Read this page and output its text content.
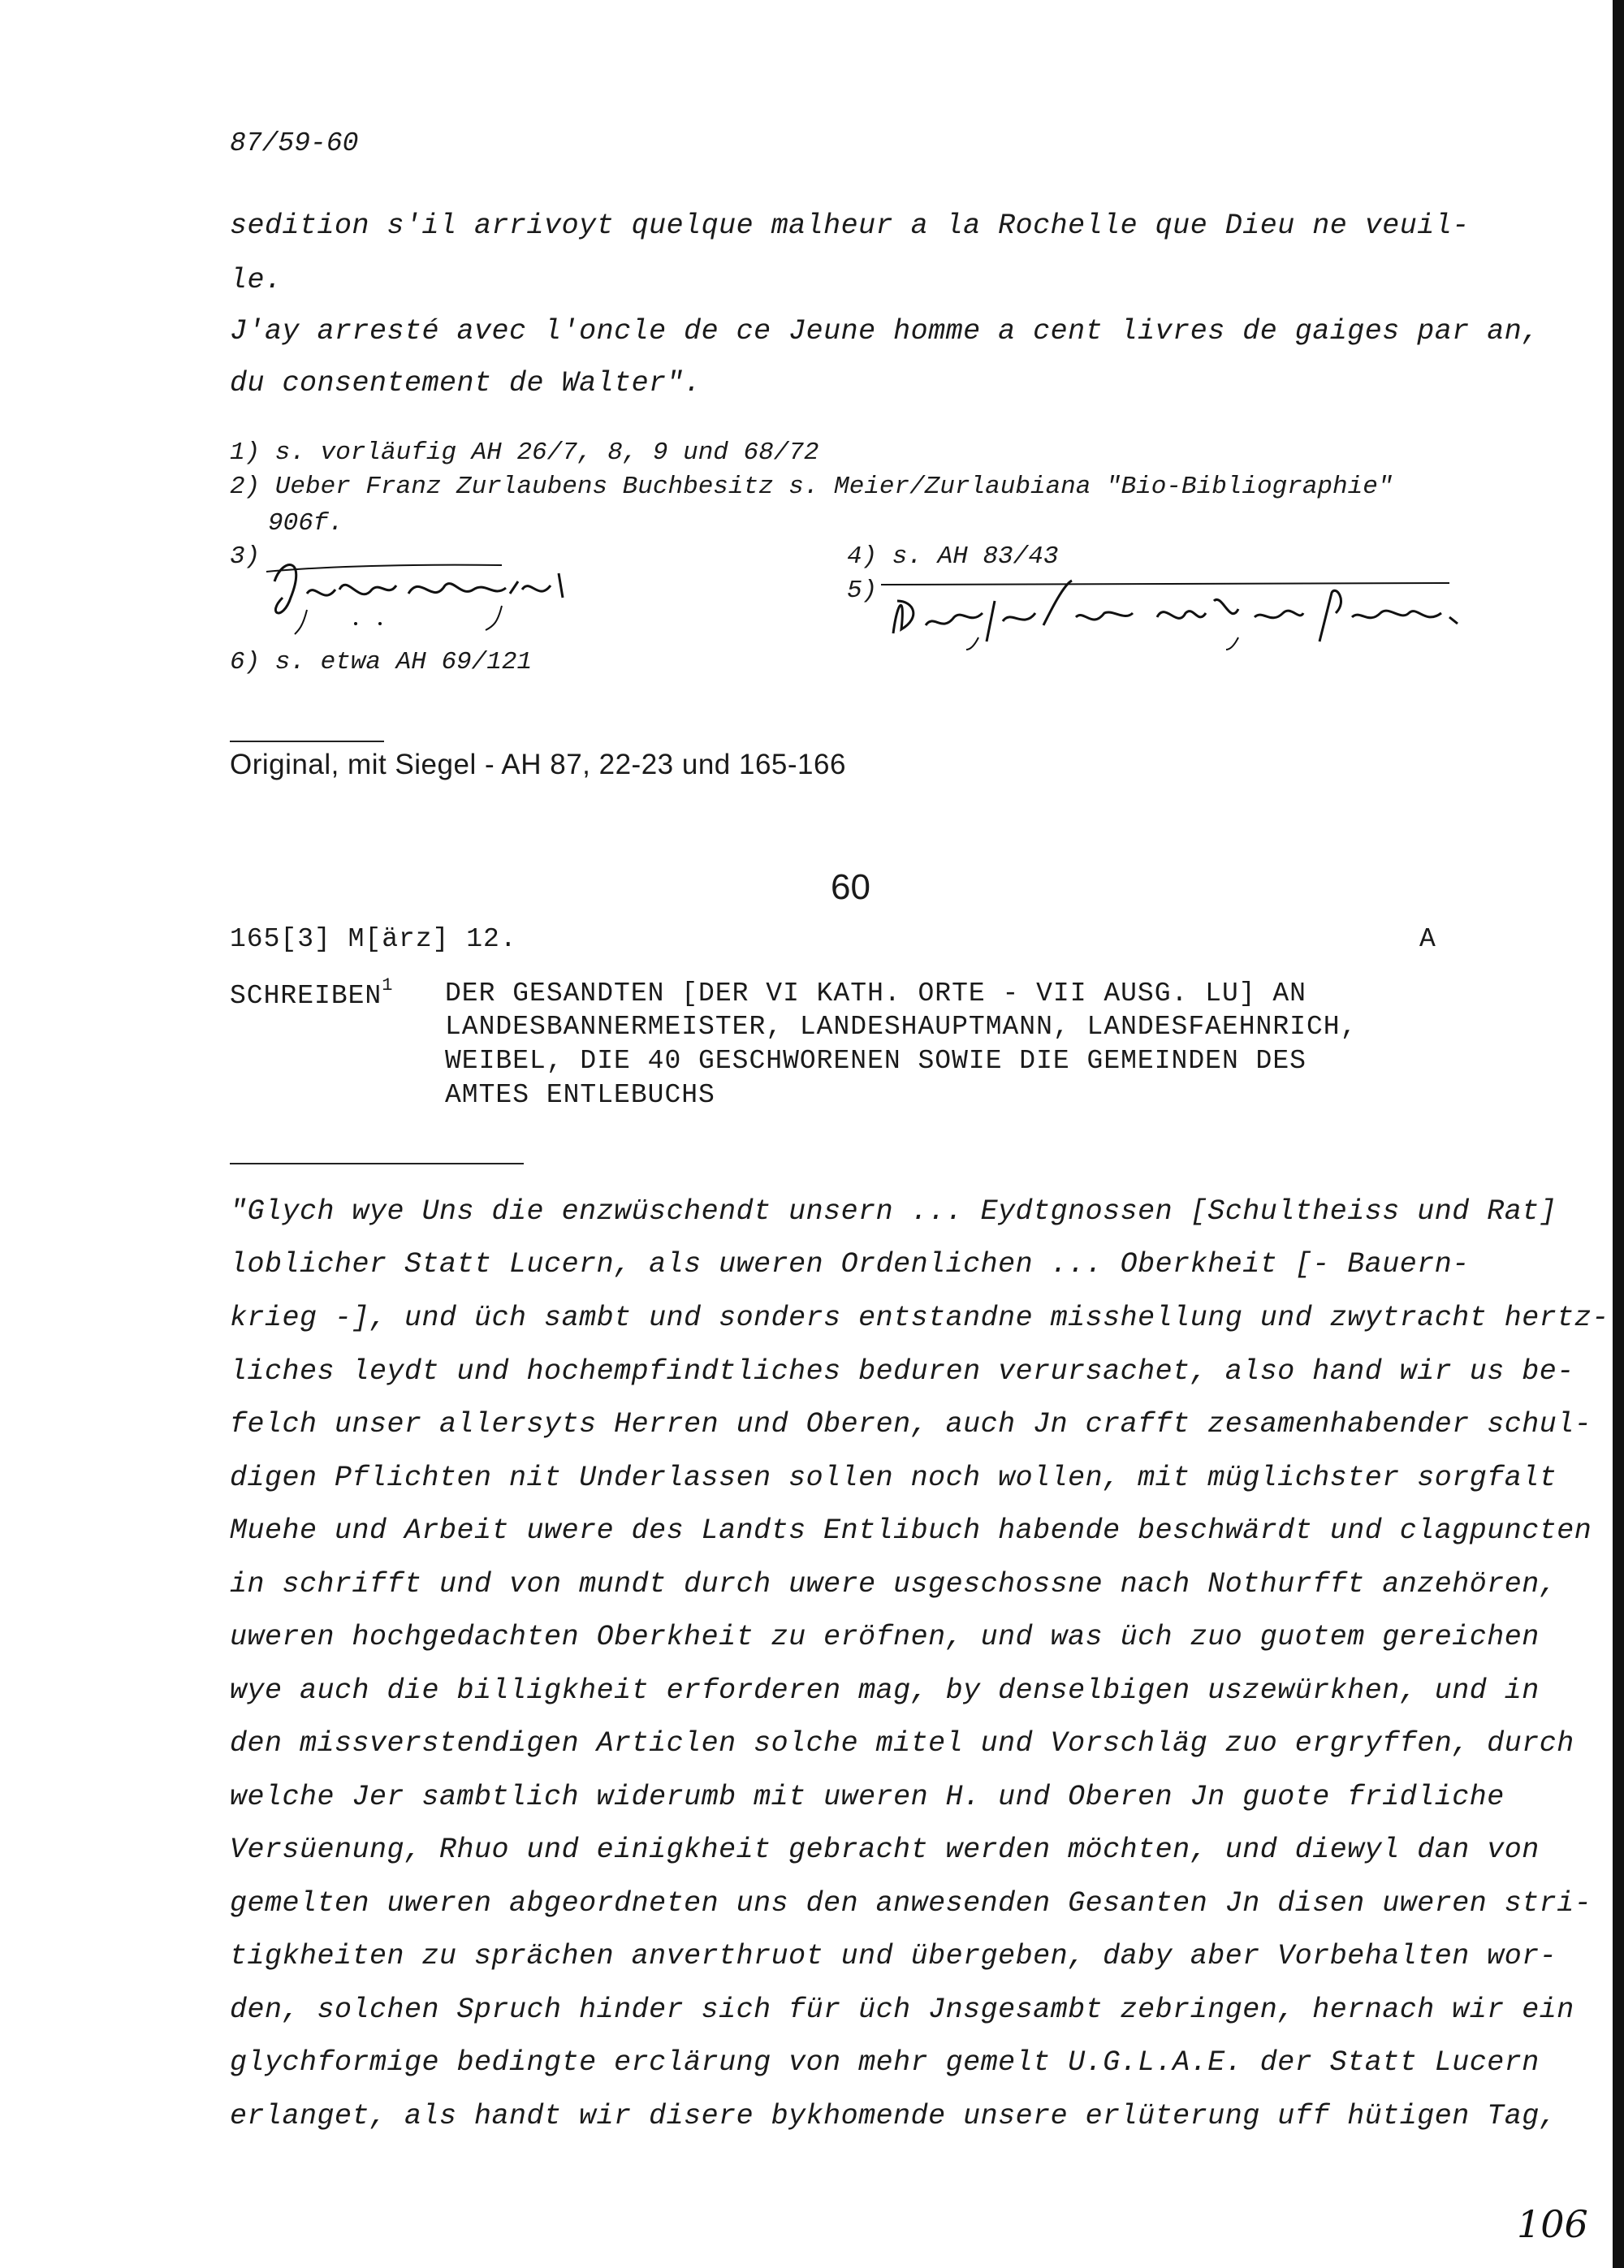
87/59-60
sedition s'il arrivoyt quelque malheur a la Rochelle que Dieu ne veuil-
le.
J'ay arresté avec l'oncle de ce Jeune homme a cent livres de gaiges par an,
du consentement de Walter".
1) s. vorläufig AH 26/7, 8, 9 und 68/72
2) Ueber Franz Zurlaubens Buchbesitz s. Meier/Zurlaubiana "Bio-Bibliographie"
906f.
3)	4) s. AH 83/43
5)
6) s. etwa AH 69/121
Original, mit Siegel - AH 87, 22-23 und 165-166
60
165[3] M[ärz] 12.	A
SCHREIBEN$^1$ DER GESANDTEN [DER VI KATH. ORTE - VII AUSG. LU] AN
LANDESBANNERMEISTER, LANDESHAUPTMANN, LANDESFAEHNRICH,
WEIBEL, DIE 40 GESCHWORENEN SOWIE DIE GEMEINDEN DES
AMTES ENTLEBUCHS
"Glych wye Uns die enzwüschendt unsern ... Eydtgnossen [Schultheiss und Rat]
loblicher Statt Lucern, als uweren Ordenlichen ... Oberkheit [- Bauern-
krieg -], und üch sambt und sonders entstandne misshellung und zwytracht hertz-
liches leydt und hochempfindtliches beduren verursachet, also hand wir us be-
felch unser allersyts Herren und Oberen, auch Jn crafft zesamenhabender schul-
digen Pflichten nit Underlassen sollen noch wollen, mit müglichster sorgfalt
Muehe und Arbeit uwere des Landts Entlibuch habende beschwärdt und clagpuncten
in schrifft und von mundt durch uwere usgeschossne nach Nothurfft anzehören,
uweren hochgedachten Oberkheit zu eröfnen, und was üch zuo guotem gereichen
wye auch die billigkheit erforderen mag, by denselbigen uszewürkhen, und in
den missverstendigen Articlen solche mitel und Vorschläg zuo ergryffen, durch
welche Jer sambtlich widerumb mit uweren H. und Oberen Jn guote fridliche
Versüenung, Rhuo und einigkheit gebracht werden möchten, und diewyl dan von
gemelten uweren abgeordneten uns den anwesenden Gesanten Jn disen uweren stri-
tigkheiten zu sprächen anverthruot und übergeben, daby aber Vorbehalten wor-
den, solchen Spruch hinder sich für üch Jnsgesambt zebringen, hernach wir ein
glychformige bedingte erclärung von mehr gemelt U.G.L.A.E. der Statt Lucern
erlanget, als handt wir disere bykhomende unsere erlüterung uff hütigen Tag,
106
